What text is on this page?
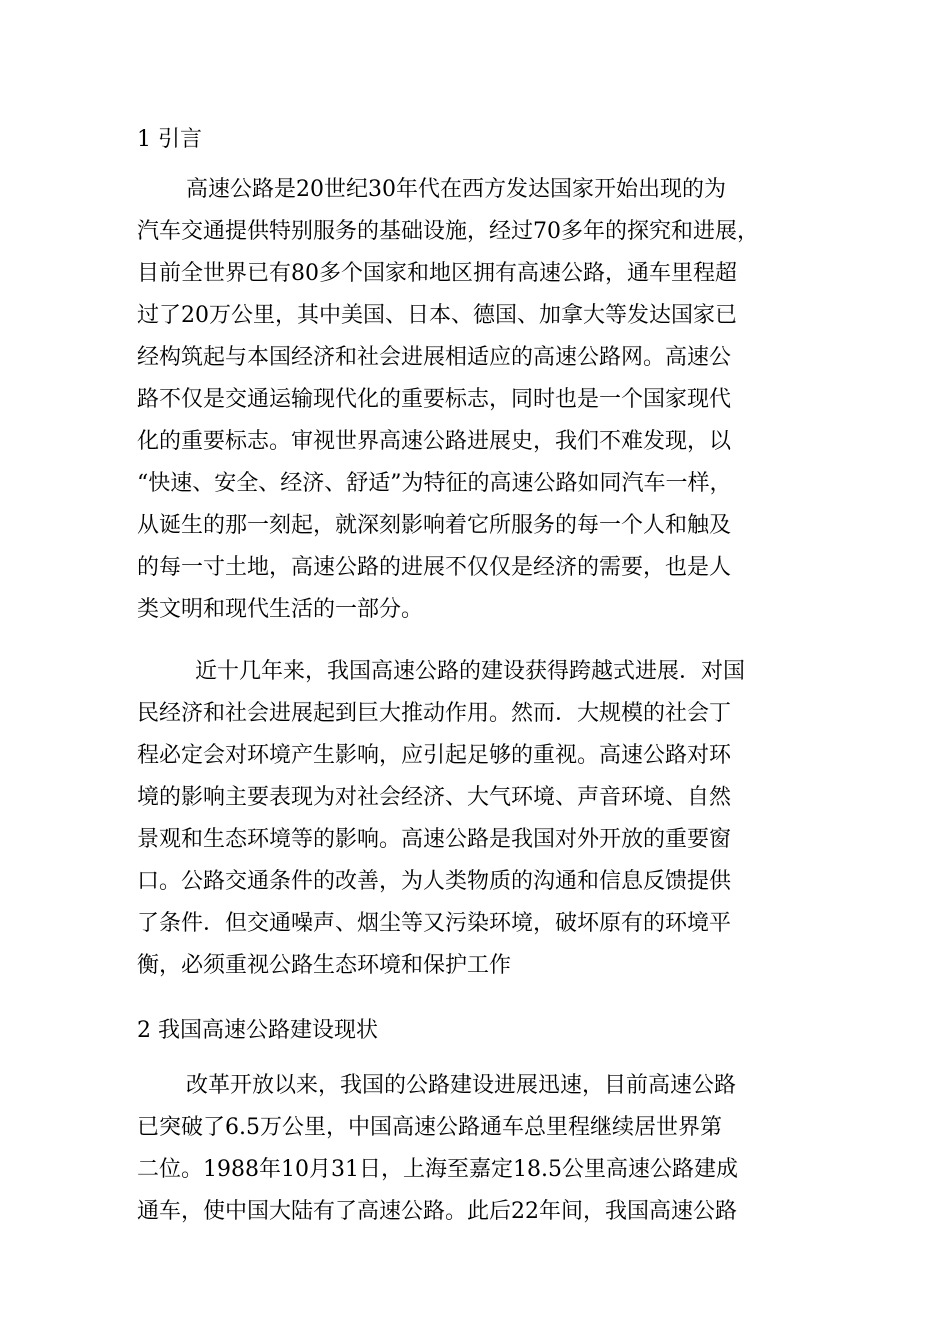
1 引言
高速公路是20世纪30年代在西方发达国家开始出现的为
汽车交通提供特别服务的基础设施，经过70多年的探究和进展，
目前全世界已有80多个国家和地区拥有高速公路，通车里程超
过了20万公里，其中美国、日本、德国、加拿大等发达国家已
经构筑起与本国经济和社会进展相适应的高速公路网。高速公
路不仅是交通运输现代化的重要标志，同时也是一个国家现代
化的重要标志。审视世界高速公路进展史，我们不难发现，以
“快速、安全、经济、舒适”为特征的高速公路如同汽车一样，
从诞生的那一刻起，就深刻影响着它所服务的每一个人和触及
的每一寸土地，高速公路的进展不仅仅是经济的需要，也是人
类文明和现代生活的一部分。
近十几年来，我国高速公路的建设获得跨越式进展．对国
民经济和社会进展起到巨大推动作用。然而．大规模的社会丁
程必定会对环境产生影响，应引起足够的重视。高速公路对环
境的影响主要表现为对社会经济、大气环境、声音环境、自然
景观和生态环境等的影响。高速公路是我国对外开放的重要窗
口。公路交通条件的改善，为人类物质的沟通和信息反馈提供
了条件．但交通噪声、烟尘等又污染环境，破坏原有的环境平
衡，必须重视公路生态环境和保护工作
2 我国高速公路建设现状
改革开放以来，我国的公路建设进展迅速，目前高速公路
已突破了6.5万公里，中国高速公路通车总里程继续居世界第
二位。1988年10月31日，上海至嘉定18.5公里高速公路建成
通车，使中国大陆有了高速公路。此后22年间，我国高速公路
